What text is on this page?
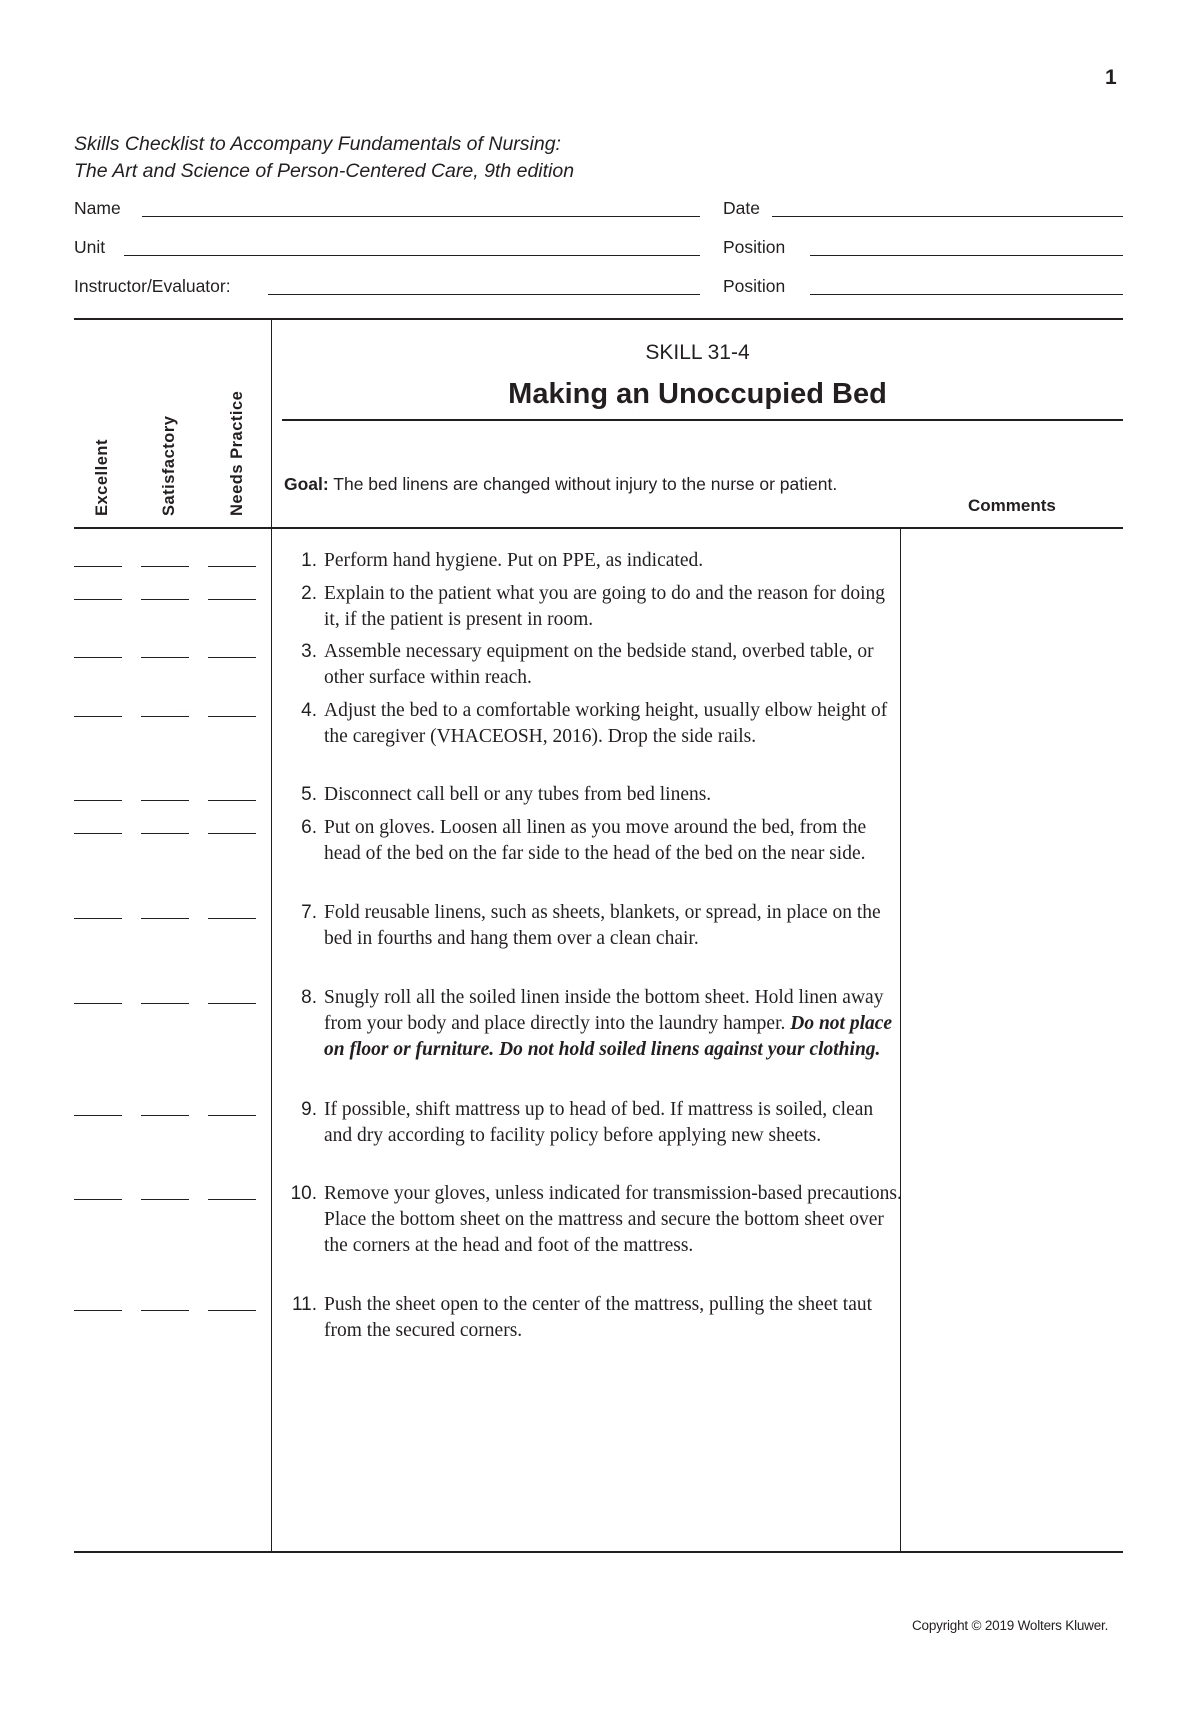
1
Skills Checklist to Accompany Fundamentals of Nursing:
The Art and Science of Person-Centered Care, 9th edition
Name	Date
Unit	Position
Instructor/Evaluator:	Position
Excellent	Satisfactory	Needs Practice
SKILL 31-4
Making an Unoccupied Bed
Goal: The bed linens are changed without injury to the nurse or patient.
Comments
1. Perform hand hygiene. Put on PPE, as indicated.
2. Explain to the patient what you are going to do and the reason for doing it, if the patient is present in room.
3. Assemble necessary equipment on the bedside stand, overbed table, or other surface within reach.
4. Adjust the bed to a comfortable working height, usually elbow height of the caregiver (VHACEOSH, 2016). Drop the side rails.
5. Disconnect call bell or any tubes from bed linens.
6. Put on gloves. Loosen all linen as you move around the bed, from the head of the bed on the far side to the head of the bed on the near side.
7. Fold reusable linens, such as sheets, blankets, or spread, in place on the bed in fourths and hang them over a clean chair.
8. Snugly roll all the soiled linen inside the bottom sheet. Hold linen away from your body and place directly into the laundry hamper. Do not place on floor or furniture. Do not hold soiled linens against your clothing.
9. If possible, shift mattress up to head of bed. If mattress is soiled, clean and dry according to facility policy before applying new sheets.
10. Remove your gloves, unless indicated for transmission-based precautions. Place the bottom sheet on the mattress and secure the bottom sheet over the corners at the head and foot of the mattress.
11. Push the sheet open to the center of the mattress, pulling the sheet taut from the secured corners.
Copyright © 2019 Wolters Kluwer.
